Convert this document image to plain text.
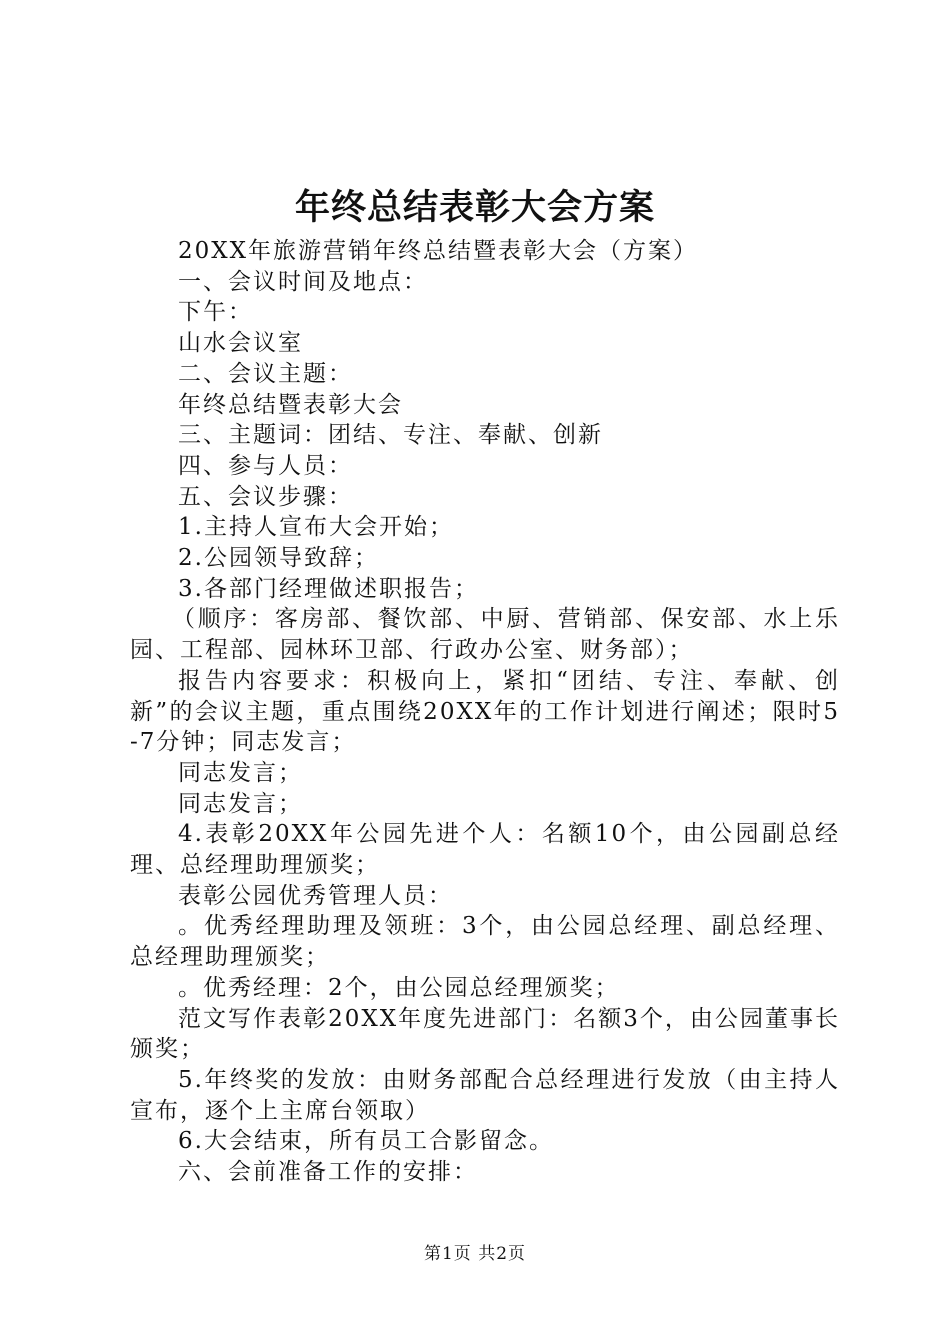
年终总结表彰大会方案

20XX年旅游营销年终总结暨表彰大会（方案）

一、会议时间及地点：

下午：

山水会议室

二、会议主题：

年终总结暨表彰大会

三、主题词：团结、专注、奉献、创新

四、参与人员：

五、会议步骤：

1.主持人宣布大会开始；

2.公园领导致辞；

3.各部门经理做述职报告；

（顺序：客房部、餐饮部、中厨、营销部、保安部、水上乐园、工程部、园林环卫部、行政办公室、财务部）；

报告内容要求：积极向上，紧扣“团结、专注、奉献、创新”的会议主题，重点围绕20XX年的工作计划进行阐述；限时5-7分钟；同志发言；

同志发言；

同志发言；

4.表彰20XX年公园先进个人：名额10个，由公园副总经理、总经理助理颁奖；

表彰公园优秀管理人员：

。优秀经理助理及领班：3个，由公园总经理、副总经理、总经理助理颁奖；

。优秀经理：2个，由公园总经理颁奖；

范文写作表彰20XX年度先进部门：名额3个，由公园董事长颁奖；

5.年终奖的发放：由财务部配合总经理进行发放（由主持人宣布，逐个上主席台领取）

6.大会结束，所有员工合影留念。

六、会前准备工作的安排：

第1页 共2页
